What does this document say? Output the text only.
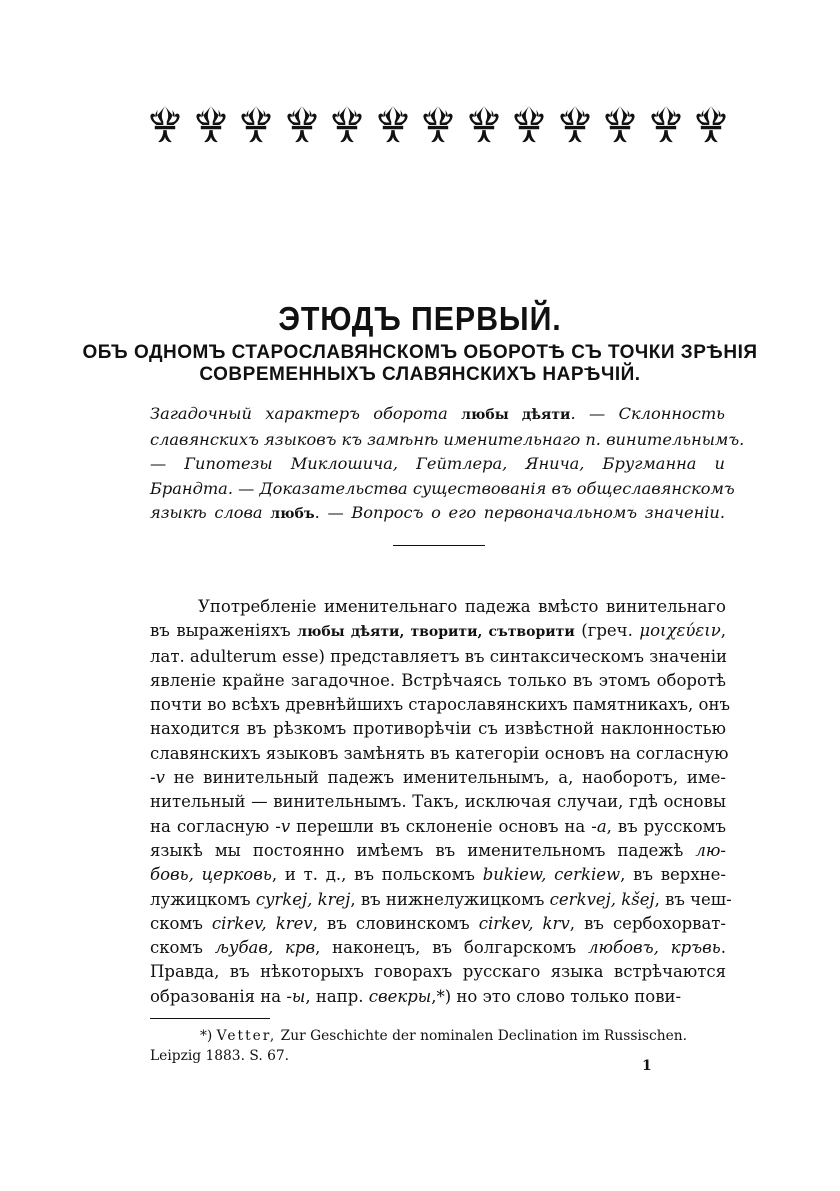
ЭТЮДЪ ПЕРВЫЙ.
ОБЪ ОДНОМЪ СТАРОСЛАВЯНСКОМЪ ОБОРОТѢ СЪ ТОЧКИ ЗРѢНІЯ
СОВРЕМЕННЫХЪ СЛАВЯНСКИХЪ НАРѢЧІЙ.
Загадочный характеръ оборота любы дѣяти. — Склонность
славянскихъ языковъ къ замѣнѣ именительнаго п. винительнымъ.
— Гипотезы Миклошича, Гейтлера, Яничa, Бругманна и
Брандта. — Доказательства существованія въ общеславянскомъ
языкѣ слова любъ. — Вопросъ о его первоначальномъ значеніи.
Употребленіе именительнаго падежа вмѣсто винительнаго
въ выраженіяхъ любы дѣяти, творити, сътворити (греч. μοιχεύειν,
лат. adulterum esse) представляетъ въ синтаксическомъ значеніи
явленіе крайне загадочное. Встрѣчаясь только въ этомъ оборотѣ
почти во всѣхъ древнѣйшихъ старославянскихъ памятникахъ, онъ
находится въ рѣзкомъ противорѣчіи съ извѣстной наклонностью
славянскихъ языковъ замѣнять въ категоріи основъ на согласную
-v не винительный падежъ именительнымъ, а, наоборотъ, име-
нительный — винительнымъ. Такъ, исключая случаи, гдѣ основы
на согласную -v перешли въ склоненіе основъ на -a, въ русскомъ
языкѣ мы постоянно имѣемъ въ именительномъ падежѣ лю-
бовь, церковь, и т. д., въ польскомъ bukiew, cerkiew, въ верхне-
лужицкомъ cyrkej, krej, въ нижнелужицкомъ cerkvej, kšej, въ чеш-
скомъ cirkev, krev, въ словинскомъ cirkev, krv, въ сербохорват-
скомъ љубав, крв, наконецъ, въ болгарскомъ любовъ, кръвь.
Правда, въ нѣкоторыхъ говорахъ русскаго языка встрѣчаются
образованія на -ы, напр. свекры,*) но это слово только пови-
*) Vetter, Zur Geschichte der nominalen Declination im Russischen.
Leipzig 1883. S. 67.
1
